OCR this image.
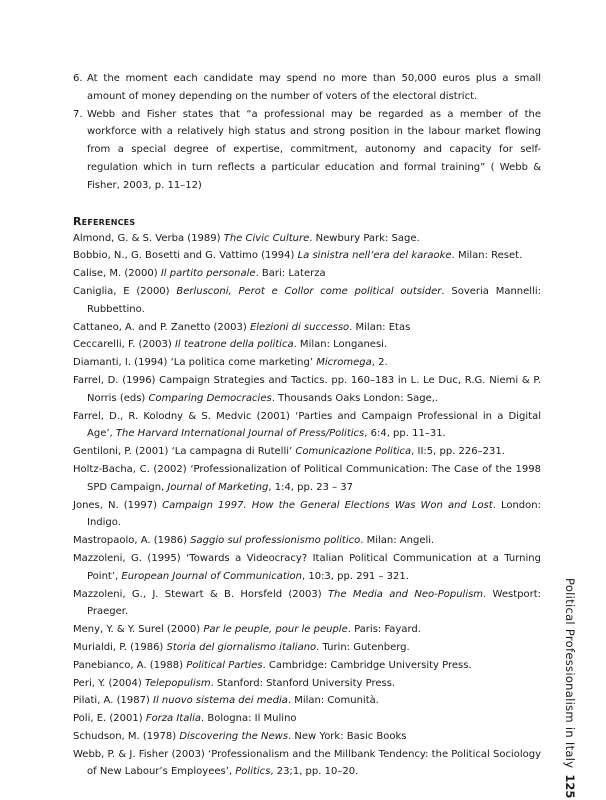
6. At the moment each candidate may spend no more than 50,000 euros plus a small amount of money depending on the number of voters of the electoral district.
7. Webb and Fisher states that “a professional may be regarded as a member of the workforce with a relatively high status and strong position in the labour market flowing from a special degree of expertise, commitment, autonomy and capacity for self-regulation which in turn reflects a particular education and formal training” ( Webb & Fisher, 2003, p. 11–12)
References
Almond, G. & S. Verba (1989) The Civic Culture. Newbury Park: Sage.
Bobbio, N., G. Bosetti and G. Vattimo (1994) La sinistra nell’era del karaoke. Milan: Reset.
Calise, M. (2000) Il partito personale. Bari: Laterza
Caniglia, E (2000) Berlusconi, Perot e Collor come political outsider. Soveria Mannelli: Rubbettino.
Cattaneo, A. and P. Zanetto (2003) Elezioni di successo. Milan: Etas
Ceccarelli, F. (2003) Il teatrone della politica. Milan: Longanesi.
Diamanti, I. (1994) ‘La politica come marketing’ Micromega, 2.
Farrel, D. (1996) Campaign Strategies and Tactics. pp. 160–183 in L. Le Duc, R.G. Niemi & P. Norris (eds) Comparing Democracies. Thousands Oaks London: Sage,.
Farrel, D., R. Kolodny & S. Medvic (2001) ‘Parties and Campaign Professional in a Digital Age’, The Harvard International Journal of Press/Politics, 6:4, pp. 11–31.
Gentiloni, P. (2001) ‘La campagna di Rutelli’ Comunicazione Politica, II:5, pp. 226–231.
Holtz-Bacha, C. (2002) ‘Professionalization of Political Communication: The Case of the 1998 SPD Campaign, Journal of Marketing, 1:4, pp. 23 – 37
Jones, N. (1997) Campaign 1997. How the General Elections Was Won and Lost. London: Indigo.
Mastropaolo, A. (1986) Saggio sul professionismo politico. Milan: Angeli.
Mazzoleni, G. (1995) ‘Towards a Videocracy? Italian Political Communication at a Turning Point’, European Journal of Communication, 10:3, pp. 291 – 321.
Mazzoleni, G., J. Stewart & B. Horsfeld (2003) The Media and Neo-Populism. Westport: Praeger.
Meny, Y. & Y. Surel (2000) Par le peuple, pour le peuple. Paris: Fayard.
Murialdi, P. (1986) Storia del giornalismo italiano. Turin: Gutenberg.
Panebianco, A. (1988) Political Parties. Cambridge: Cambridge University Press.
Peri, Y. (2004) Telepopulism. Stanford: Stanford University Press.
Pilati, A. (1987) Il nuovo sistema dei media. Milan: Comunità.
Poli, E. (2001) Forza Italia. Bologna: Il Mulino
Schudson, M. (1978) Discovering the News. New York: Basic Books
Webb, P. & J. Fisher (2003) ‘Professionalism and the Millbank Tendency: the Political Sociology of New Labour’s Employees’, Politics, 23;1, pp. 10–20.
Political Professionalism in Italy125
